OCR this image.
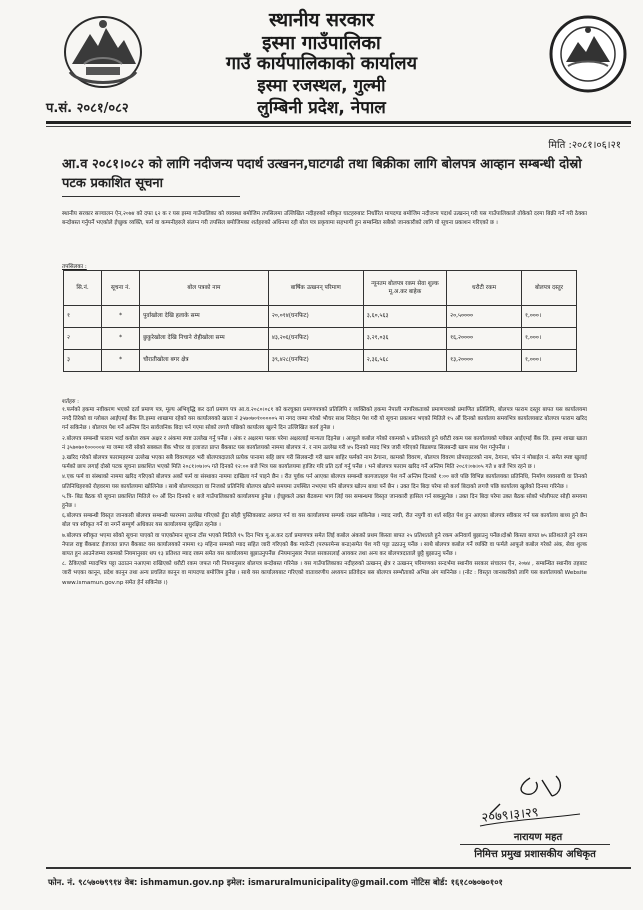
स्थानीय सरकार
इस्मा गाउँपालिका
गाउँ कार्यपालिकाको कार्यालय
इस्मा रजस्थल, गुल्मी
लुम्बिनी प्रदेश, नेपाल
प.सं. २०८१/०८२
मिति :२०८१।०६।२१
आ.व २०८१।०८२ को लागि नदीजन्य पदार्थ उत्खनन,घाटगढी तथा बिक्रीका लागि बोलपत्र आव्हान सम्बन्धी दोस्रो पटक प्रकाशित सूचना
स्थानीय सरकार सञ्चालन ऐन,२०७४ को दफा ६२ क र यस इस्मा गाउँपालिका को व्यवस्था बमोजिम तपसिलमा उल्लिखित नदीहरुको स्वीकृत घाटहरुबाट निर्धारित मापदण्ड बमोजिम नदीजन्य पदार्थ उत्खनन् गरी यस गाउँपालिकाले तोकेको दरमा बिक्री गर्ने गरी ठेक्का बन्दोबस्त गर्नुपर्ने भएकोले ईच्छुक व्यक्ति, फर्म वा कम्पनीहरुले संलग्न गरी तपसिल बमोजिमका शर्तहरुको अधिनमा रही बोल पत्र प्रकृयामा सहभागी हुन सम्बन्धित सबैको जानकारीको लागि यो सूचना प्रकाशन गरिएको छ ।
तपसिलका :
सि.नं.	सूचना नं.	बोल पत्रको नाम	बार्षिक उत्खनन् परिमाण	न्यूनतम बोलपत्र रकम सेवा शुल्क मू.अ.कर बाहेक	धरौटी रकम	बोलपत्र दस्तुर
१	*	पुर्वाखोला देखि हलाके सम्म	२०,०१४(घनफिट)	३,६०,५६३	२०,५००००	१,०००।
२	*	छुकुरेखोला देखि निचाने रोहीखोला सम्म	४३,२०६(घनफिट)	३,२१,०३६	१६,२००००	१,०००।
३	*	चौरातीखोला बगर क्षेत्र	३९,४२८(घनफिट)	२,३६,५६८	१३,२००००	१,०००।
शर्तहरु :

१.फर्मको हकमा नवीकरण भएको दर्ता प्रमाण पत्र, मूल्य अभिवृद्धि कर दर्ता प्रमाण पत्र आ.व.२०८०।०८१ को करचुक्ता प्रमाणपत्रको प्रतिलिपि र व्यक्तिको हकमा नेपाली नागरिकताको प्रमाणपत्रको प्रमाणित प्रतिलिपि, बोलपत्र फाराम दस्तुर बापत यस कार्यालयमा नगदै तिरेको वा ग्लोबल आईएमई बैंक लि.इस्मा शाखामा रहेको यस कार्यालयको खाता नं ३५७०७०१०००००५ मा नगद जम्मा गरेको भौचर साथ निवेदन पेश गरी यो सूचना प्रकाशन भएको मितिले १५ औं दिनको कार्यालय समयभित्र कार्यालयबाट बोलपत्र फाराम खरिद गर्न सकिनेछ । बोलपत्र पेश गर्ने अन्तिम दिन सार्वजनिक बिदा पर्न गएमा सोको लगत्तै पछिको कार्यालय खुल्ने दिन उल्लिखित कार्य हुनेछ ।

२.बोलपत्र सम्बन्धी फाराम भर्दा कबोल रकम अक्षर र अंकमा स्पष्ट उल्लेख गर्नु पर्नेछ । अंक र अक्षरमा फरक परेमा अक्षरलाई मान्यता दिइनेछ । आफूले कबोल गरेको रकमको ५ प्रतिशतले हुने धरौटी रकम यस कार्यालयको ग्लोबल आईएमई बैंक लि. इस्मा शाखा खाता नं ३५७०७०१०००००४ मा जम्मा गरी सोको सक्कल बैंक भौचर वा इजाजत प्राप्त बैंकबाट यस कार्यालयको नाममा बोलपत्र नं. र नाम उल्लेख गरी ४५ दिनको म्याद भित्र जारी गरिएको बिडबण्ड सिलबन्दी खाम साथ पेश गर्नुपर्नेछ ।

३.खरिद गरेको बोलपत्र फारामहरुमा उल्लेख भएका सबै विवरणहरु भरी बोलपत्रदाताले प्रत्येक पानामा सहि छाप गरी सिलबन्दी गरी खाम बाहिर फर्मको नाम ठेगाना, कामको विवरण, बोलपत्र विवरण प्रोपराइटरको नाम, ठेगाना, फोन नं मोबाईल नं. समेत स्पष्ट खुलाई फर्मको छाप लगाई दोस्रो पटक सूचना प्रकाशित भएको मिति २०८१।०७।०५ गते दिनको १२:०० बजे भित्र यस कार्यालयमा हाजिर गरि प्रति दर्ता गर्नु पर्नेछ । भने बोलपत्र फाराम खरिद गर्ने अन्तिम मिति २०८१।०७।०५ गते ४ बजे भित्र रहने छ ।

४.एक फर्म वा संस्थाको नाममा खरिद गरिएको बोलपत्र अर्को फर्म वा संस्थाका नाममा दाखिला गर्न पाइने छैन । रीत पूर्वक पर्न आएका बोलपत्र सम्बन्धी कागजातहरु पेश गर्ने अन्तिम दिनको १:०० बजे पछि विभिन्न कार्यालयका प्रतिनिधि, निर्माण व्यवसायी वा तिनको प्रतिनिधिहरुको रोहवरमा यस कार्यालयमा खोलिनेछ । साथै बोलपत्रदाता वा निजको प्रतिनिधि बोलपत्र खोल्ने समयमा उपस्थित नभएमा पनि बोलपत्र खोल्न बाधा पर्ने छैन । उक्त दिन बिदा परेमा सो कार्य बिदाको लगत्तै पछि कार्यालय खुलेको दिनमा गरिनेछ ।

५.त्रि- बिड बैठक यो सूचना प्रकाशित मितिले १० औं दिन दिनको १ बजे गाउँपालिकाको कार्यालयमा हुनेछ । ईच्छुकले उक्त बैठकमा भाग लिई यस सम्बन्धमा विस्तृत जानकारी हासिल गर्न सक्नुहुनेछ । उक्त दिन बिदा परेमा उक्त बैठक सोको भोलीपल्ट सोही समयमा हुनेछ ।

६.बोलपत्र सम्बन्धी विस्तृत जानकारी बोलपत्र सम्बन्धी फारममा उल्लेख गरिएको हुँदा सोही पुस्तिकाबाट अवगत गर्न वा यस कार्यालयमा सम्पर्क राख्न सकिनेछ । म्याद नाघी, रीत नपुगी वा शर्त सहित पेश हुन आएका बोलपत्र स्वीकार गर्न यस कार्यालय बाध्य हुने छैन बोल पत्र स्वीकृत गर्ने वा नगर्ने सम्पूर्ण अधिकार यस कार्यालयमा सुरक्षित रहनेछ ।

७.बोलपत्र स्वीकृत भएमा सोको सूचना पाएको वा पाएकोमान सूचना टाँस भएको मितिले १५ दिन भित्र मू.अ.कर दर्ता प्रमाणपत्र समेत लिई कबोल अंकको प्रथम किस्ता बापत २५ प्रतिशतले हुने रकम अनिवार्य बुझाउनु पर्नेछ।दोश्रो किस्ता बापत ७५ प्रतिशतले हुने रकम नेपाल राष्ट्र बैंकबाट ईजाजत प्राप्त बैंकबाट यस कार्यालयको नाममा १३ महिना सम्मको म्याद सहित जारी गरिएको बैंक ग्यारेन्टी (परफरमेन्स बन्ड)समेत पेश गरी पट्टा उठाउनु पर्नेछ । साथै बोलपत्र कबोल गर्ने व्यक्ति वा फर्मले आफूले कबोल गरेको अंक, सेवा शुल्क बापत हुन आउनेजम्मा रकमको नियमानुसार थप १३ प्रतिशत म्याद रकम समेत यस कार्यालयमा बुझाउनुपर्नेछ ।नियमानुसार नेपाल सरकारलाई आयकर तथा अन्य कर बोलपत्रदाताले छुट्टै बुझाउनु पर्नेछ ।

८. ठेकिएको म्यादभित्र पट्टा उठाउन नआएमा राखिएको धरौटी रकम जफत गरी नियमानुसार बोलपत्र बन्दोबस्त गरिनेछ । यस गाउँपालिकाका नदीहरुको उत्खनन् क्षेत्र र उत्खनन् परिमाणका सन्दर्भमा स्थानीय सरकार संचालन ऐन, २०७४ , सम्बन्धित स्थानीय तहबाट जारी भएका कानून, प्रदेश कानून तथा अन्य प्रचलित कानून वा मापदण्ड बमोजिम हुनेछ । साथै यस कार्यालयबाट गरिएको वातावरणीय अध्ययन प्रतिवेदन बस बोलपत्र सम्भौताको अभिन्न अंग मानिनेछ । (नोट : विस्तृत जानकारीको लागि यस कार्यालयको Website www.ismamun.gov.np समेत हेर्न सकिनेछ ।)

२०७९।३।२९
नारायण महत
निमित्त प्रमुख प्रशासकीय अधिकृत
फोन. नं. ९८५७०७९९१४ वेब: ishmamun.gov.np इमेल: ismaruralmunicipality@gmail.com नोटिस बोर्ड: १६१८०७०७०१०१
